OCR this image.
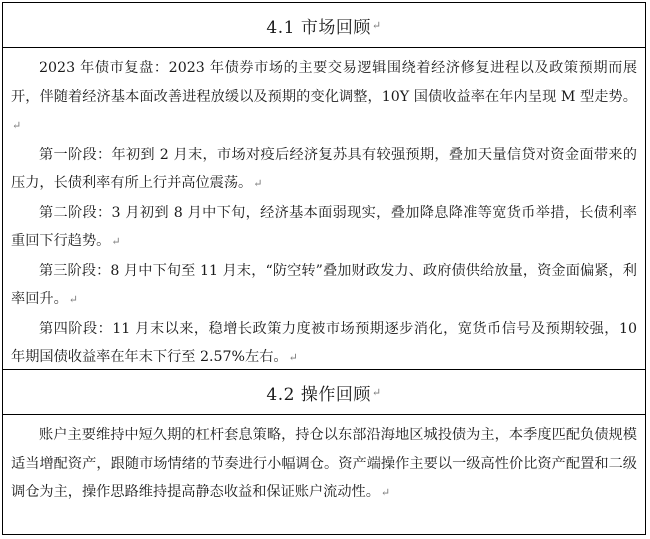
4.1 市场回顾 ↵

2023 年债市复盘：2023 年债券市场的主要交易逻辑围绕着经济修复进程以及政策预期而展开，伴随着经济基本面改善进程放缓以及预期的变化调整，10Y 国债收益率在年内呈现 M 型走势。↵

第一阶段：年初到 2 月末，市场对疫后经济复苏具有较强预期，叠加天量信贷对资金面带来的压力，长债利率有所上行并高位震荡。↵

第二阶段：3 月初到 8 月中下旬，经济基本面弱现实，叠加降息降准等宽货币举措，长债利率重回下行趋势。↵

第三阶段：8 月中下旬至 11 月末，“防空转”叠加财政发力、政府债供给放量，资金面偏紧，利率回升。↵

第四阶段：11 月末以来，稳增长政策力度被市场预期逐步消化，宽货币信号及预期较强，10 年期国债收益率在年末下行至 2.57%左右。↵

4.2 操作回顾 ↵

账户主要维持中短久期的杠杆套息策略，持仓以东部沿海地区城投债为主，本季度匹配负债规模适当增配资产，跟随市场情绪的节奏进行小幅调仓。资产端操作主要以一级高性价比资产配置和二级调仓为主，操作思路维持提高静态收益和保证账户流动性。↵
